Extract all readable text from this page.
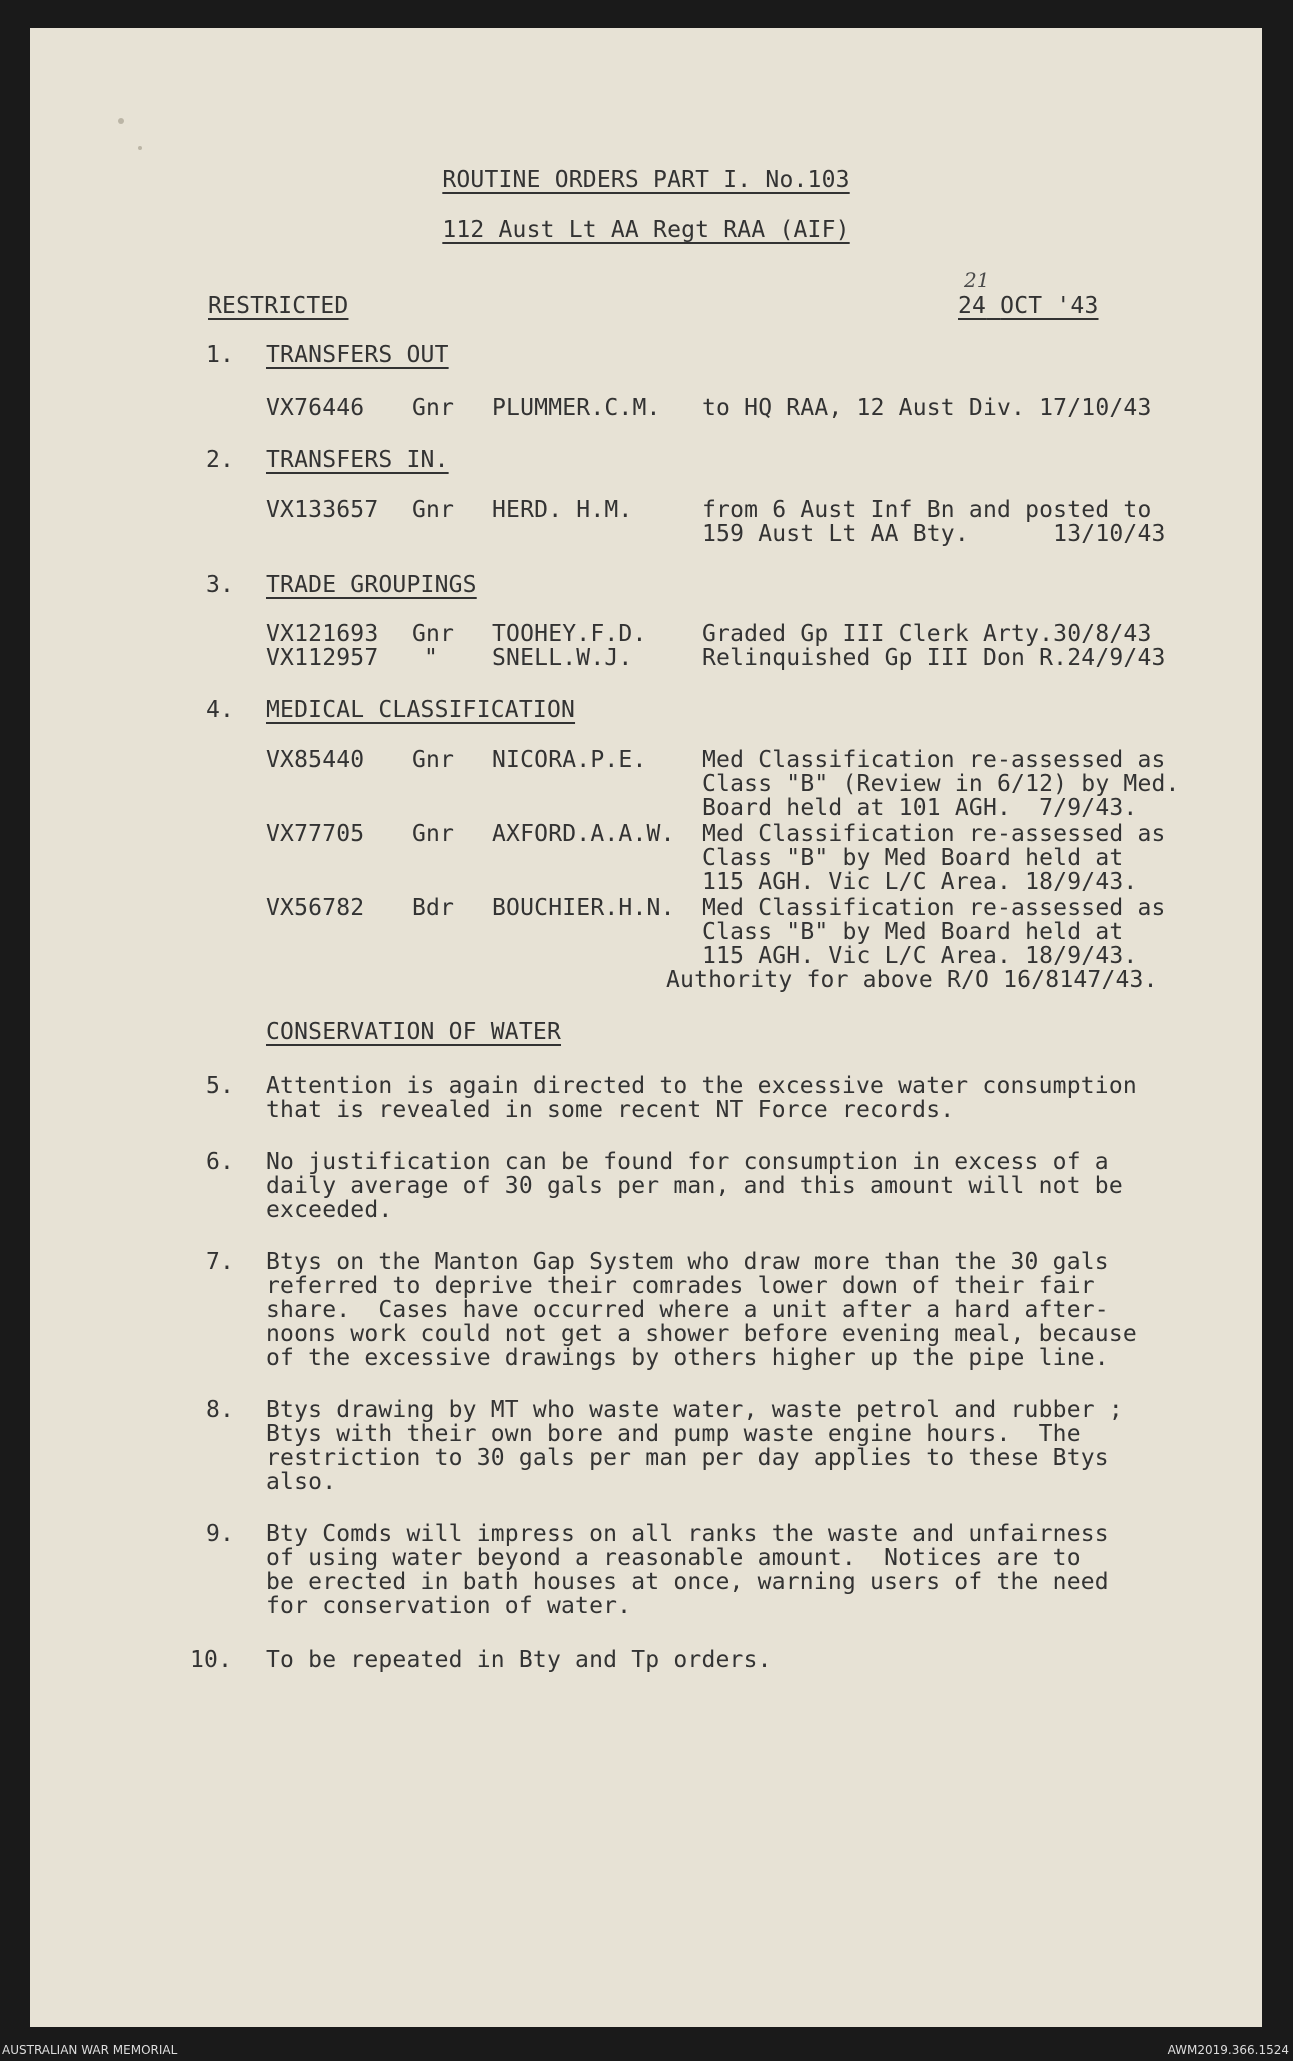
ROUTINE ORDERS PART I. No.103
112 Aust Lt AA Regt RAA (AIF)
RESTRICTED
21
24 OCT '43
1. TRANSFERS OUT
VX76446 Gnr PLUMMER.C.M. to HQ RAA, 12 Aust Div. 17/10/43
2. TRANSFERS IN.
VX133657 Gnr HERD. H.M.	from 6 Aust Inf Bn and posted to
159 Aust Lt AA Bty.      13/10/43
3. TRADE GROUPINGS
VX121693 Gnr TOOHEY.F.D. Graded Gp III Clerk Arty.30/8/43
VX112957 " SNELL.W.J.	Relinquished Gp III Don R.24/9/43
4. MEDICAL CLASSIFICATION
VX85440 Gnr NICORA.P.E. Med Classification re-assessed as
Class "B" (Review in 6/12) by Med.
Board held at 101 AGH.  7/9/43.
VX77705 Gnr AXFORD.A.A.W. Med Classification re-assessed as
Class "B" by Med Board held at
115 AGH. Vic L/C Area. 18/9/43.
VX56782 Bdr BOUCHIER.H.N. Med Classification re-assessed as
Class "B" by Med Board held at
115 AGH. Vic L/C Area. 18/9/43.
Authority for above R/O 16/8147/43.
CONSERVATION OF WATER
5. Attention is again directed to the excessive water consumption
that is revealed in some recent NT Force records.
6. No justification can be found for consumption in excess of a
daily average of 30 gals per man, and this amount will not be
exceeded.
7. Btys on the Manton Gap System who draw more than the 30 gals
referred to deprive their comrades lower down of their fair
share.  Cases have occurred where a unit after a hard after-
noons work could not get a shower before evening meal, because
of the excessive drawings by others higher up the pipe line.
8. Btys drawing by MT who waste water, waste petrol and rubber ;
Btys with their own bore and pump waste engine hours.  The
restriction to 30 gals per man per day applies to these Btys
also.
9. Bty Comds will impress on all ranks the waste and unfairness
of using water beyond a reasonable amount.  Notices are to
be erected in bath houses at once, warning users of the need
for conservation of water.
10. To be repeated in Bty and Tp orders.
AUSTRALIAN WAR MEMORIAL	AWM2019.366.1524
